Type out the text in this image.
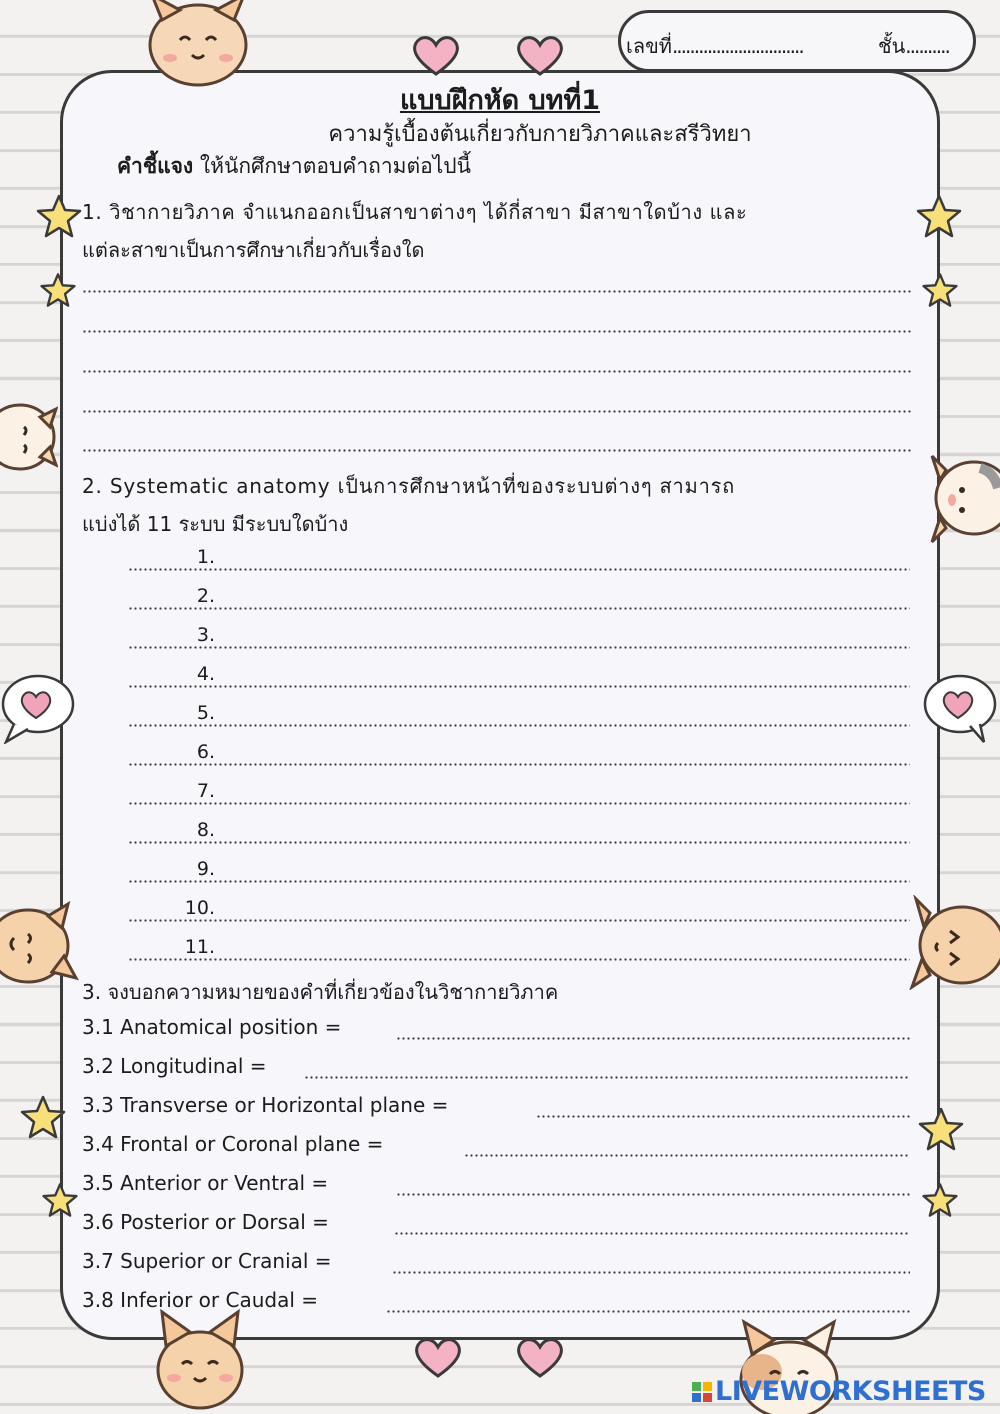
เลขที่..............................	ชั้น..........
แบบฝึกหัด บทที่1
ความรู้เบื้องต้นเกี่ยวกับกายวิภาคและสรีวิทยา
คำชี้แจง ให้นักศึกษาตอบคำถามต่อไปนี้
1. วิชากายวิภาค จำแนกออกเป็นสาขาต่างๆ ได้กี่สาขา มีสาขาใดบ้าง และ
แต่ละสาขาเป็นการศึกษาเกี่ยวกับเรื่องใด
2. Systematic anatomy เป็นการศึกษาหน้าที่ของระบบต่างๆ สามารถ
แบ่งได้ 11 ระบบ มีระบบใดบ้าง
1.
2.
3.
4.
5.
6.
7.
8.
9.
10.
11.
3. จงบอกความหมายของคำที่เกี่ยวข้องในวิชากายวิภาค
3.1 Anatomical position =
3.2 Longitudinal =
3.3 Transverse or Horizontal plane =
3.4 Frontal or Coronal plane =
3.5 Anterior or Ventral =
3.6 Posterior or Dorsal =
3.7 Superior or Cranial =
3.8 Inferior or Caudal =
LIVEWORKSHEETS
